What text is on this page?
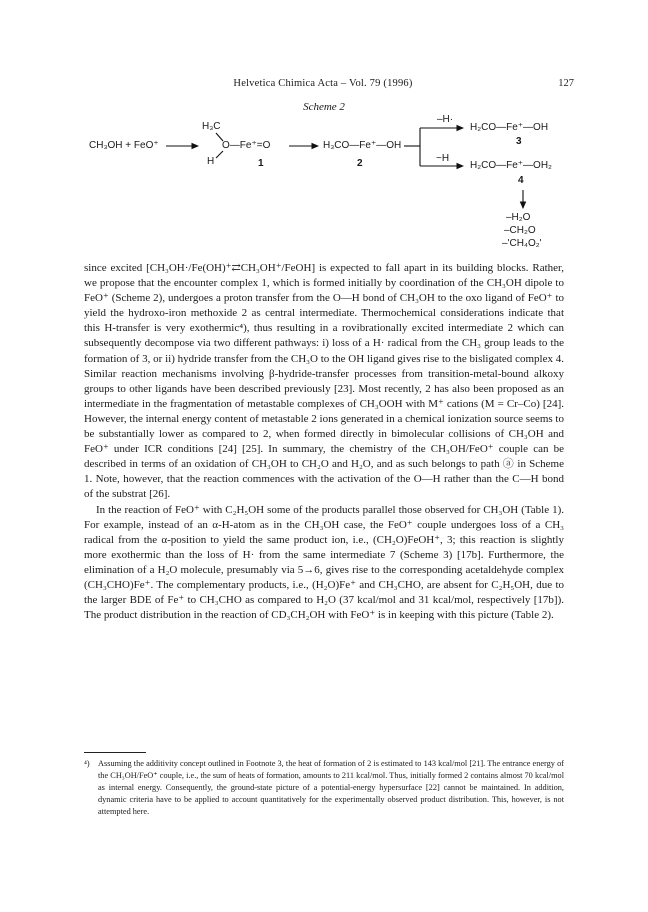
Helvetica Chimica Acta – Vol. 79 (1996)	127
Scheme 2
CH₃OH + FeO⁺
H₃C
O—Fe⁺=O
H	1
H₃CO—Fe⁺—OH
2
–H·
H₂CO—Fe⁺—OH
3
~H
H₂CO—Fe⁺—OH₂
4
–H₂O
–CH₂O
–'CH₄O₂'

since excited [CH₃OH·/Fe(OH)⁺⇄CH₃OH⁺/FeOH] is expected to fall apart in its building blocks. Rather, we propose that the encounter complex 1, which is formed initially by coordination of the CH₃OH dipole to FeO⁺ (Scheme 2), undergoes a proton transfer from the O—H bond of CH₃OH to the oxo ligand of FeO⁺ to yield the hydroxo-iron methoxide 2 as central intermediate. Thermochemical considerations indicate that this H-transfer is very exothermic⁴), thus resulting in a rovibrationally excited intermediate 2 which can subsequently decompose via two different pathways: i) loss of a H· radical from the CH₃ group leads to the formation of 3, or ii) hydride transfer from the CH₃O to the OH ligand gives rise to the bisligated complex 4. Similar reaction mechanisms involving β-hydride-transfer processes from transition-metal-bound alkoxy groups to other ligands have been described previously [23]. Most recently, 2 has also been proposed as an intermediate in the fragmentation of metastable complexes of CH₃OOH with M⁺ cations (M = Cr–Co) [24]. However, the internal energy content of metastable 2 ions generated in a chemical ionization source seems to be substantially lower as compared to 2, when formed directly in bimolecular collisions of CH₃OH and FeO⁺ under ICR conditions [24] [25]. In summary, the chemistry of the CH₃OH/FeO⁺ couple can be described in terms of an oxidation of CH₃OH to CH₂O and H₂O, and as such belongs to path ⓐ in Scheme 1. Note, however, that the reaction commences with the activation of the O—H rather than the C—H bond of the substrat [26].

In the reaction of FeO⁺ with C₂H₅OH some of the products parallel those observed for CH₃OH (Table 1). For example, instead of an α-H-atom as in the CH₃OH case, the FeO⁺ couple undergoes loss of a CH₃ radical from the α-position to yield the same product ion, i.e., (CH₂O)FeOH⁺, 3; this reaction is slightly more exothermic than the loss of H· from the same intermediate 7 (Scheme 3) [17b]. Furthermore, the elimination of a H₂O molecule, presumably via 5→6, gives rise to the corresponding acetaldehyde complex (CH₃CHO)Fe⁺. The complementary products, i.e., (H₂O)Fe⁺ and CH₃CHO, are absent for C₂H₅OH, due to the larger BDE of Fe⁺ to CH₃CHO as compared to H₂O (37 kcal/mol and 31 kcal/mol, respectively [17b]). The product distribution in the reaction of CD₃CH₂OH with FeO⁺ is in keeping with this picture (Table 2).

⁴) Assuming the additivity concept outlined in Footnote 3, the heat of formation of 2 is estimated to 143 kcal/mol [21]. The entrance energy of the CH₃OH/FeO⁺ couple, i.e., the sum of heats of formation, amounts to 211 kcal/mol. Thus, initially formed 2 contains almost 70 kcal/mol as internal energy. Consequently, the ground-state picture of a potential-energy hypersurface [22] cannot be maintained. In addition, dynamic criteria have to be applied to account quantitatively for the experimentally observed product distribution. This, however, is not attempted here.
